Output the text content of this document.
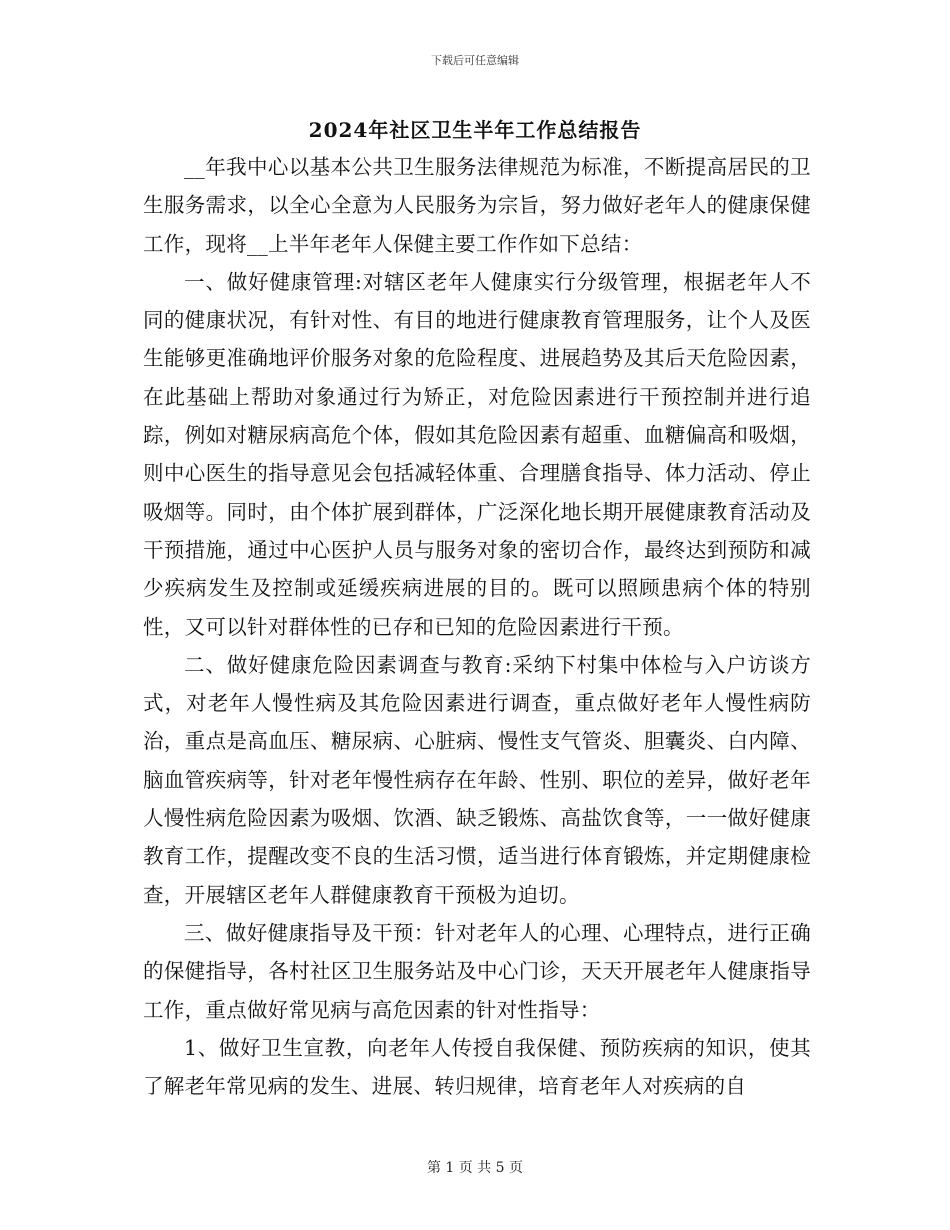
下载后可任意编辑
2024年社区卫生半年工作总结报告

__年我中心以基本公共卫生服务法律规范为标准，不断提高居民的卫生服务需求，以全心全意为人民服务为宗旨，努力做好老年人的健康保健工作，现将__上半年老年人保健主要工作作如下总结：

一、做好健康管理:对辖区老年人健康实行分级管理，根据老年人不同的健康状况，有针对性、有目的地进行健康教育管理服务，让个人及医生能够更准确地评价服务对象的危险程度、进展趋势及其后天危险因素，在此基础上帮助对象通过行为矫正，对危险因素进行干预控制并进行追踪，例如对糖尿病高危个体，假如其危险因素有超重、血糖偏高和吸烟，则中心医生的指导意见会包括减轻体重、合理膳食指导、体力活动、停止吸烟等。同时，由个体扩展到群体，广泛深化地长期开展健康教育活动及干预措施，通过中心医护人员与服务对象的密切合作，最终达到预防和减少疾病发生及控制或延缓疾病进展的目的。既可以照顾患病个体的特别性，又可以针对群体性的已存和已知的危险因素进行干预。

二、做好健康危险因素调查与教育:采纳下村集中体检与入户访谈方式，对老年人慢性病及其危险因素进行调查，重点做好老年人慢性病防治，重点是高血压、糖尿病、心脏病、慢性支气管炎、胆囊炎、白内障、脑血管疾病等，针对老年慢性病存在年龄、性别、职位的差异，做好老年人慢性病危险因素为吸烟、饮酒、缺乏锻炼、高盐饮食等，一一做好健康教育工作，提醒改变不良的生活习惯，适当进行体育锻炼，并定期健康检查，开展辖区老年人群健康教育干预极为迫切。

三、做好健康指导及干预：针对老年人的心理、心理特点，进行正确的保健指导，各村社区卫生服务站及中心门诊，天天开展老年人健康指导工作，重点做好常见病与高危因素的针对性指导：

1、做好卫生宣教，向老年人传授自我保健、预防疾病的知识，使其了解老年常见病的发生、进展、转归规律，培育老年人对疾病的自

第 1 页 共 5 页
